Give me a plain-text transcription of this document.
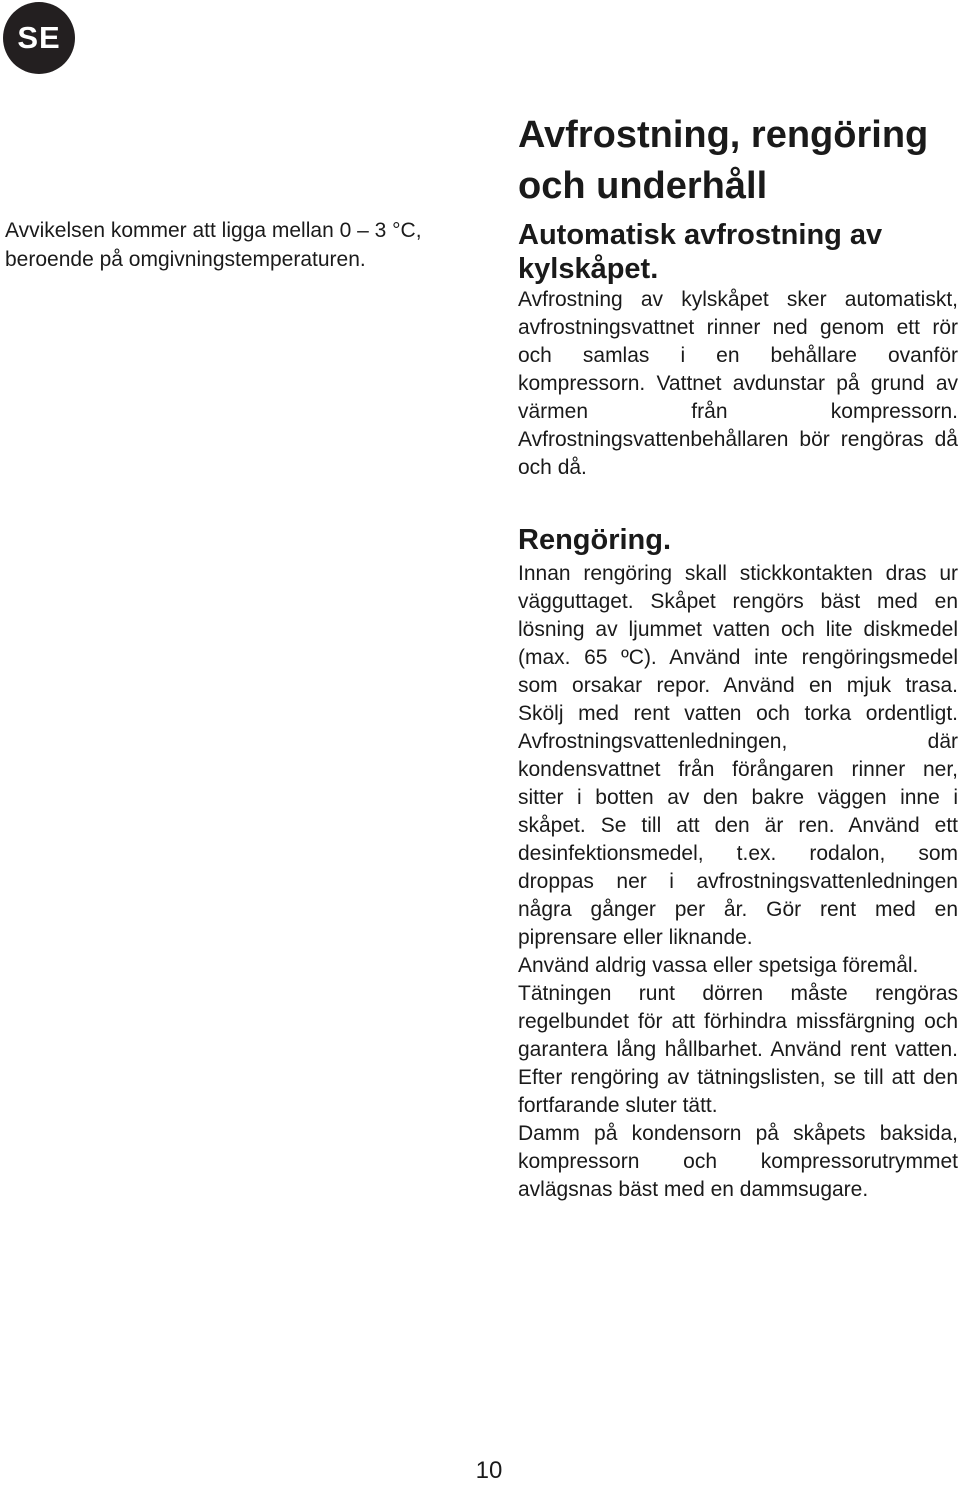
SE

Avvikelsen kommer att ligga mellan 0 – 3 °C, beroende på omgivningstemperaturen.

Avfrostning, rengöring och underhåll
Automatisk avfrostning av kylskåpet.

Avfrostning av kylskåpet sker automatiskt, avfrostningsvattnet rinner ned genom ett rör och samlas i en behållare ovanför kompressorn. Vattnet avdunstar på grund av värmen från kompressorn. Avfrostningsvattenbehållaren bör rengöras då och då.

Rengöring.

Innan rengöring skall stickkontakten dras ur vägguttaget. Skåpet rengörs bäst med en lösning av ljummet vatten och lite diskmedel (max. 65 ºC). Använd inte rengöringsmedel som orsakar repor. Använd en mjuk trasa. Skölj med rent vatten och torka ordentligt. Avfrostningsvattenledningen, där kondensvattnet från förångaren rinner ner, sitter i botten av den bakre väggen inne i skåpet. Se till att den är ren. Använd ett desinfektionsmedel, t.ex. rodalon, som droppas ner i avfrostningsvattenledningen några gånger per år. Gör rent med en piprensare eller liknande.

Använd aldrig vassa eller spetsiga föremål.

Tätningen runt dörren måste rengöras regelbundet för att förhindra missfärgning och garantera lång hållbarhet. Använd rent vatten. Efter rengöring av tätningslisten, se till att den fortfarande sluter tätt.

Damm på kondensorn på skåpets baksida, kompressorn och kompressorutrymmet avlägsnas bäst med en dammsugare.

10
